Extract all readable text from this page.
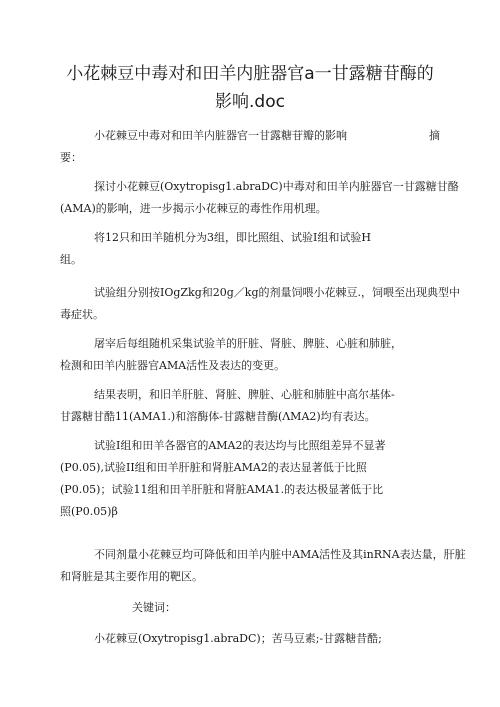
小花棘豆中毒对和田羊内脏器官a一甘露糖苷酶的
影响.doc
小花棘豆中毒对和田羊内脏器官一甘露糖苷瓣的影响	摘
要：
探讨小花棘豆(Oxytropisg1.abraDC)中毒对和田羊内脏器官一甘露糖甘酪
(AMA)的影响，进一步揭示小花棘豆的毒性作用机理。
将12只和田羊随机分为3组，即比照组、试验I组和试验H
组。
试验组分别按IOgZkg和20g／kg的剂量饲喂小花棘豆.，饲喂至出现典型中
毒症状。
屠宰后每组随机采集试验羊的肝脏、肾脏、脾脏、心脏和肺脏，
检测和田羊内脏器官AMA活性及表达的变更。
结果表明，和旧羊肝脏、肾脏、脾脏、心脏和肺脏中高尔基体-
甘露糖甘酷11(AMA1.)和溶酶体-甘露糖昔酶(ΛMA2)均有表达。
试验I组和田羊各器官的AMA2的表达均与比照组差异不显著
(P0.05),试验II组和田羊肝脏和肾脏AMA2的表达显著低于比照
(P0.05)；试验11组和田羊肝脏和肾脏AMA1.的表达极显著低于比
照(P0.05)β
不同剂量小花棘豆均可降低和田羊内脏中AMA活性及其inRNA表达量，肝脏
和肾脏是其主要作用的靶区。
关键词：
小花棘豆(Oxytropisg1.abraDC)；苦马豆素;-甘露糖昔酷;
